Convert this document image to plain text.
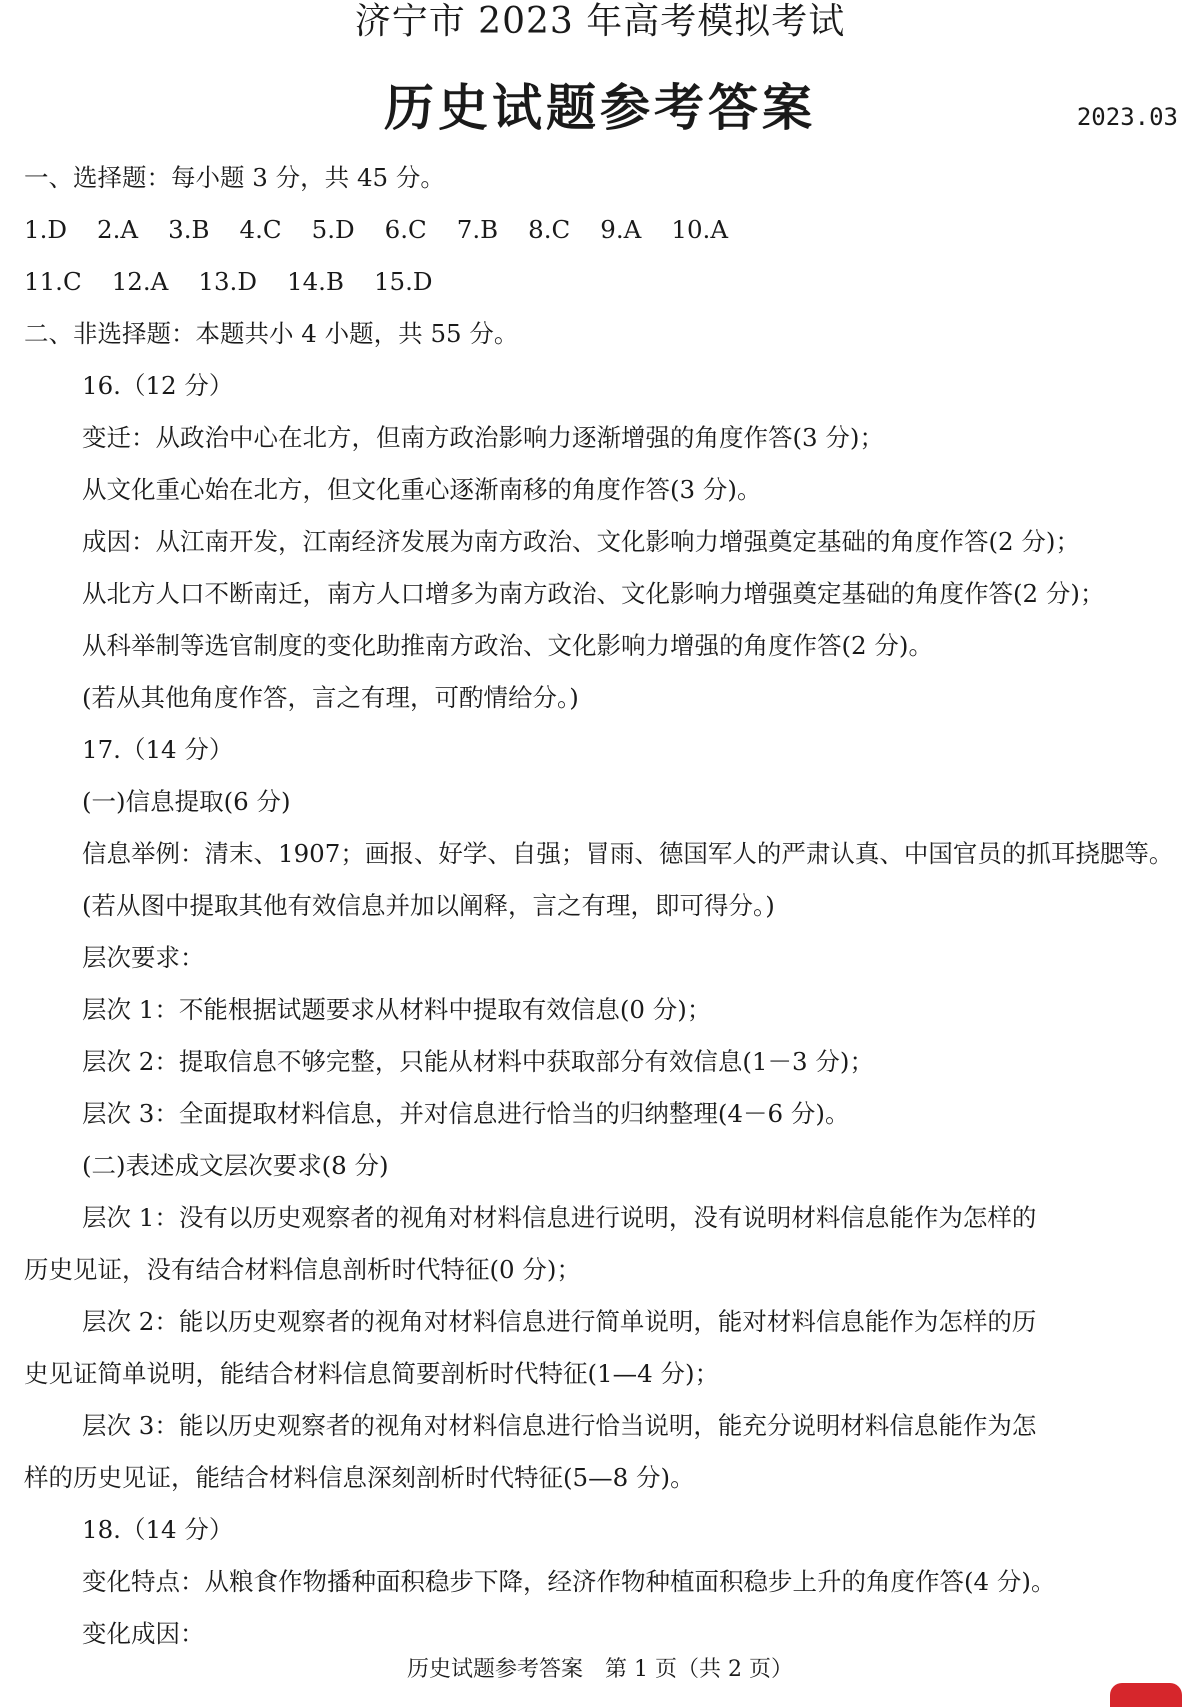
济宁市 2023 年高考模拟考试
历史试题参考答案	2023.03
一、选择题：每小题 3 分，共 45 分。
1.D 2.A 3.B 4.C 5.D 6.C 7.B 8.C 9.A 10.A
11.C 12.A 13.D 14.B 15.D
二、非选择题：本题共小 4 小题，共 55 分。
16.（12 分）
变迁：从政治中心在北方，但南方政治影响力逐渐增强的角度作答(3 分)；
从文化重心始在北方，但文化重心逐渐南移的角度作答(3 分)。
成因：从江南开发，江南经济发展为南方政治、文化影响力增强奠定基础的角度作答(2 分)；
从北方人口不断南迁，南方人口增多为南方政治、文化影响力增强奠定基础的角度作答(2 分)；
从科举制等选官制度的变化助推南方政治、文化影响力增强的角度作答(2 分)。
(若从其他角度作答，言之有理，可酌情给分。)
17.（14 分）
(一)信息提取(6 分)
信息举例：清末、1907；画报、好学、自强；冒雨、德国军人的严肃认真、中国官员的抓耳挠腮等。
(若从图中提取其他有效信息并加以阐释，言之有理，即可得分。)
层次要求：
层次 1：不能根据试题要求从材料中提取有效信息(0 分)；
层次 2：提取信息不够完整，只能从材料中获取部分有效信息(1－3 分)；
层次 3：全面提取材料信息，并对信息进行恰当的归纳整理(4－6 分)。
(二)表述成文层次要求(8 分)
层次 1：没有以历史观察者的视角对材料信息进行说明，没有说明材料信息能作为怎样的
历史见证，没有结合材料信息剖析时代特征(0 分)；
层次 2：能以历史观察者的视角对材料信息进行简单说明，能对材料信息能作为怎样的历
史见证简单说明，能结合材料信息简要剖析时代特征(1—4 分)；
层次 3：能以历史观察者的视角对材料信息进行恰当说明，能充分说明材料信息能作为怎
样的历史见证，能结合材料信息深刻剖析时代特征(5—8 分)。
18.（14 分）
变化特点：从粮食作物播种面积稳步下降，经济作物种植面积稳步上升的角度作答(4 分)。
变化成因：
历史试题参考答案　第 1 页（共 2 页）
